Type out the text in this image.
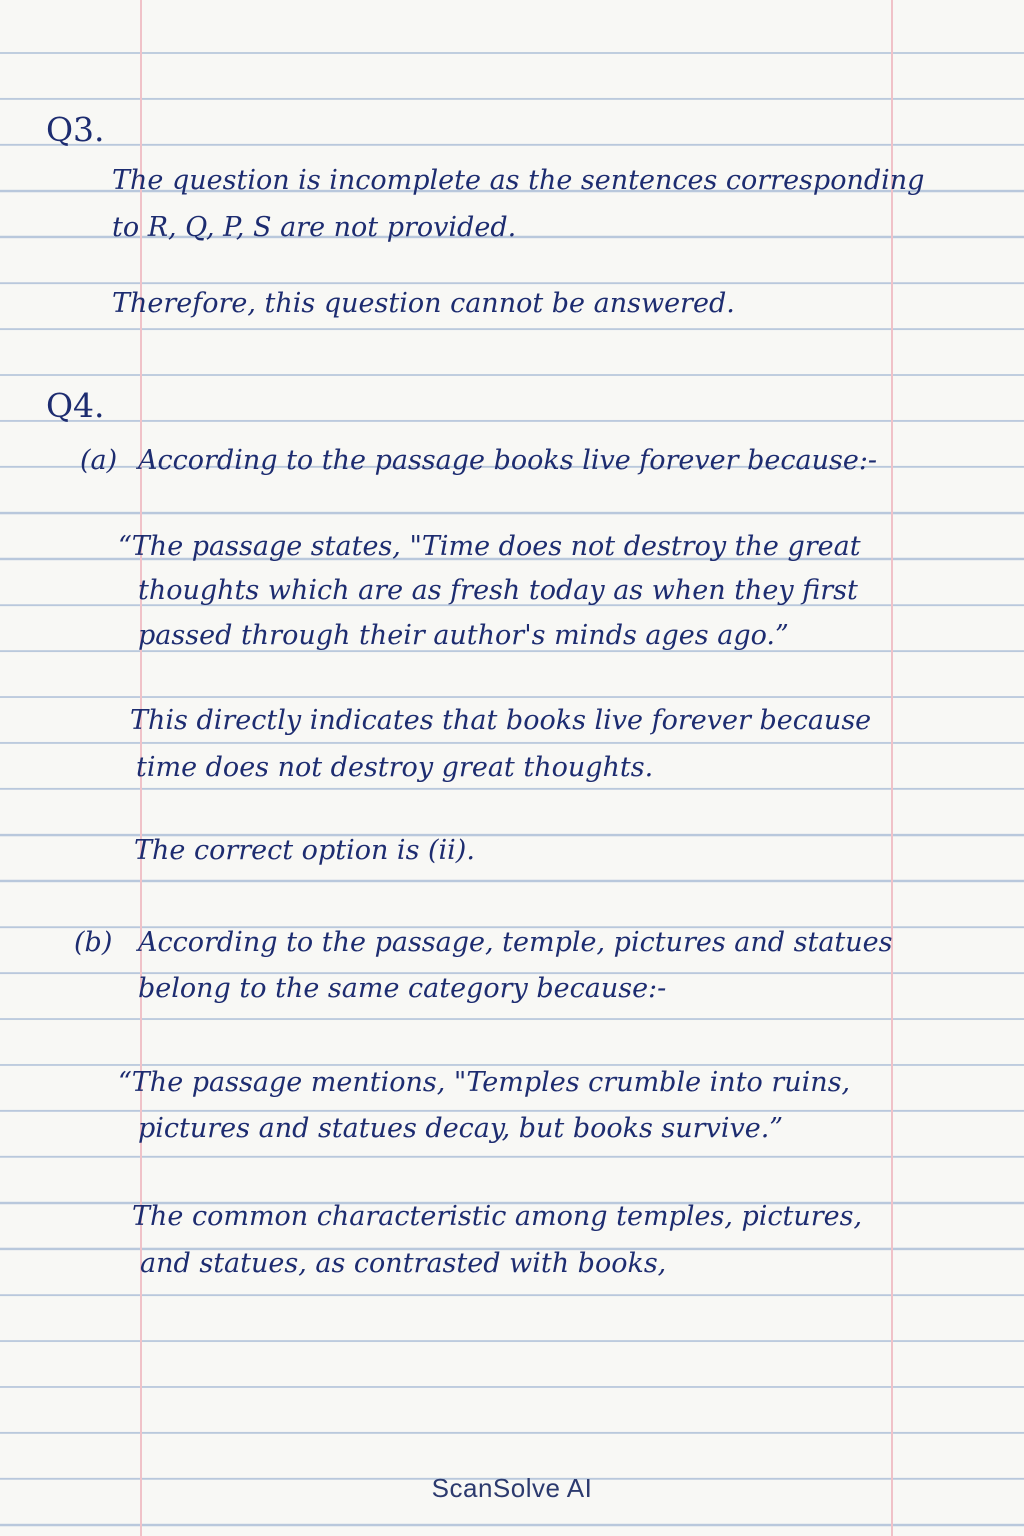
Q3.

The question is incomplete as the sentences corresponding

to R, Q, P, S are not provided.

Therefore, this question cannot be answered.

Q4.

(a) According to the passage books live forever because:-

“The passage states, "Time does not destroy the great

thoughts which are as fresh today as when they first

passed through their author's minds ages ago.”

This directly indicates that books live forever because

time does not destroy great thoughts.

The correct option is (ii).

(b) According to the passage, temple, pictures and statues

belong to the same category because:-

“The passage mentions, "Temples crumble into ruins,

pictures and statues decay, but books survive.”

The common characteristic among temples, pictures,

and statues, as contrasted with books,

ScanSolve AI
